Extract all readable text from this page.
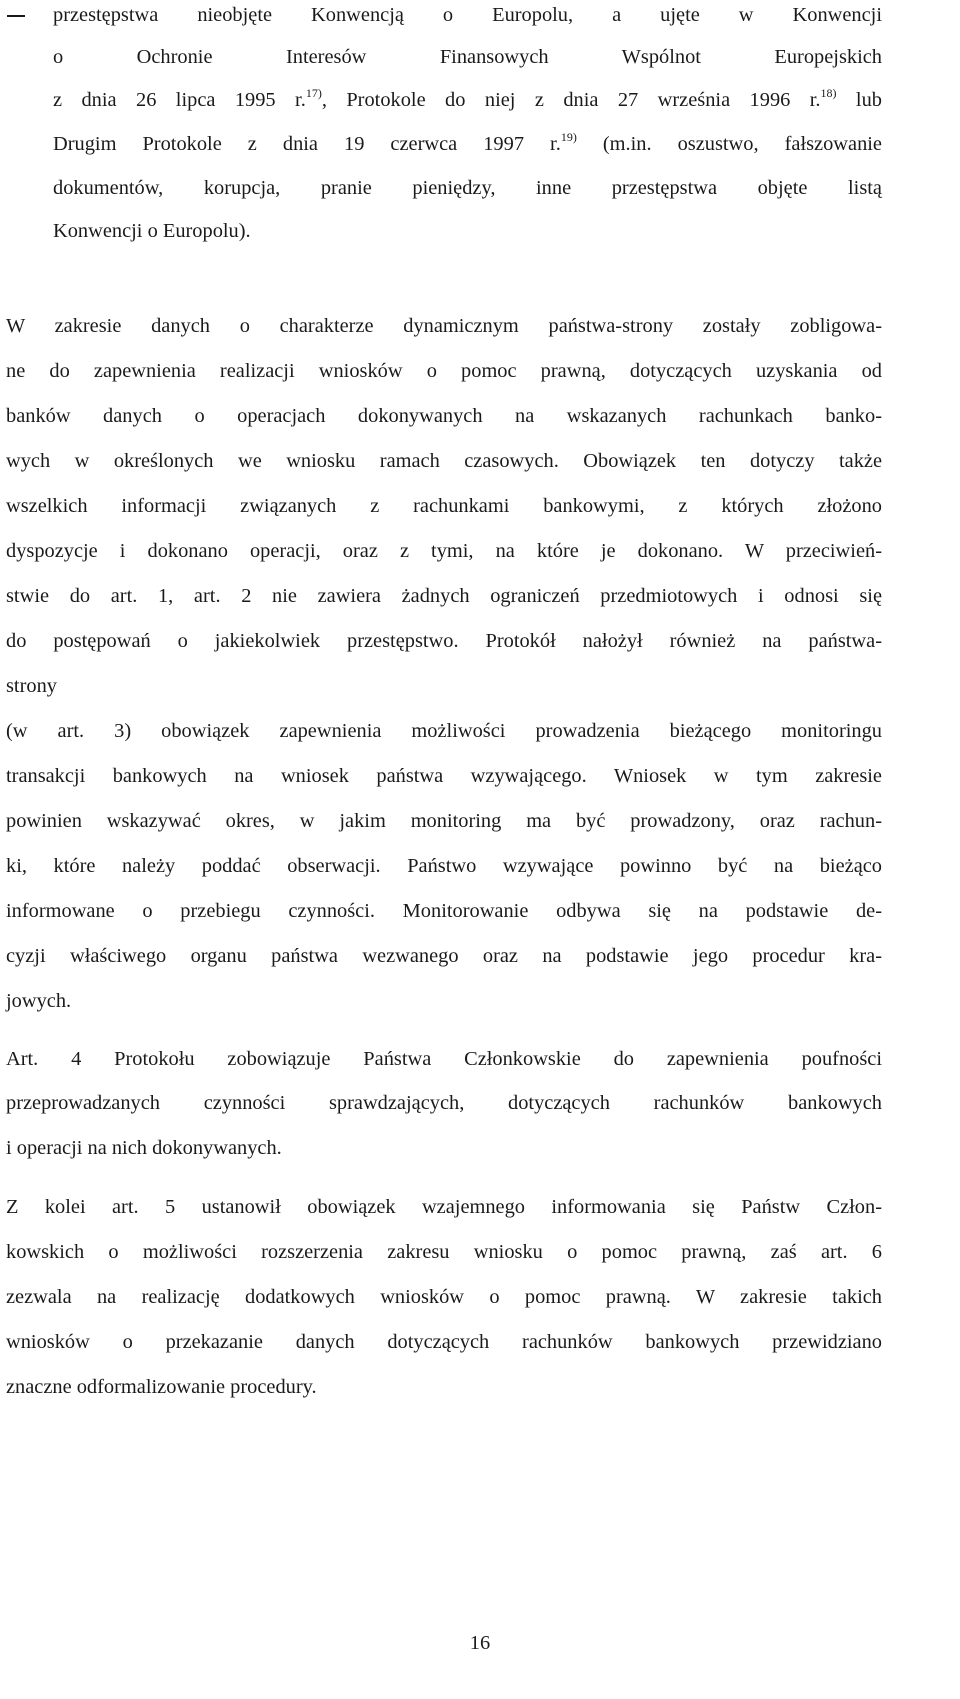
przestępstwa nieobjęte Konwencją o Europolu, a ujęte w Konwencji
o Ochronie Interesów Finansowych Wspólnot Europejskich
z dnia 26 lipca 1995 r.$^{17)}$, Protokole do niej z dnia 27 września 1996 r.$^{18)}$ lub
Drugim Protokole z dnia 19 czerwca 1997 r.$^{19)}$ (m.in. oszustwo, fałszowanie
dokumentów, korupcja, pranie pieniędzy, inne przestępstwa objęte listą
Konwencji o Europolu).
W zakresie danych o charakterze dynamicznym państwa-strony zostały zobligowa-
ne do zapewnienia realizacji wniosków o pomoc prawną, dotyczących uzyskania od
banków danych o operacjach dokonywanych na wskazanych rachunkach banko-
wych w określonych we wniosku ramach czasowych. Obowiązek ten dotyczy także
wszelkich informacji związanych z rachunkami bankowymi, z których złożono
dyspozycje i dokonano operacji, oraz z tymi, na które je dokonano. W przeciwień-
stwie do art. 1, art. 2 nie zawiera żadnych ograniczeń przedmiotowych i odnosi się
do postępowań o jakiekolwiek przestępstwo. Protokół nałożył również na państwa-
strony
(w art. 3) obowiązek zapewnienia możliwości prowadzenia bieżącego monitoringu
transakcji bankowych na wniosek państwa wzywającego. Wniosek w tym zakresie
powinien wskazywać okres, w jakim monitoring ma być prowadzony, oraz rachun-
ki, które należy poddać obserwacji. Państwo wzywające powinno być na bieżąco
informowane o przebiegu czynności. Monitorowanie odbywa się na podstawie de-
cyzji właściwego organu państwa wezwanego oraz na podstawie jego procedur kra-
jowych.
Art. 4 Protokołu zobowiązuje Państwa Członkowskie do zapewnienia poufności
przeprowadzanych czynności sprawdzających, dotyczących rachunków bankowych
i operacji na nich dokonywanych.
Z kolei art. 5 ustanowił obowiązek wzajemnego informowania się Państw Człon-
kowskich o możliwości rozszerzenia zakresu wniosku o pomoc prawną, zaś art. 6
zezwala na realizację dodatkowych wniosków o pomoc prawną. W zakresie takich
wniosków o przekazanie danych dotyczących rachunków bankowych przewidziano
znaczne odformalizowanie procedury.
16
